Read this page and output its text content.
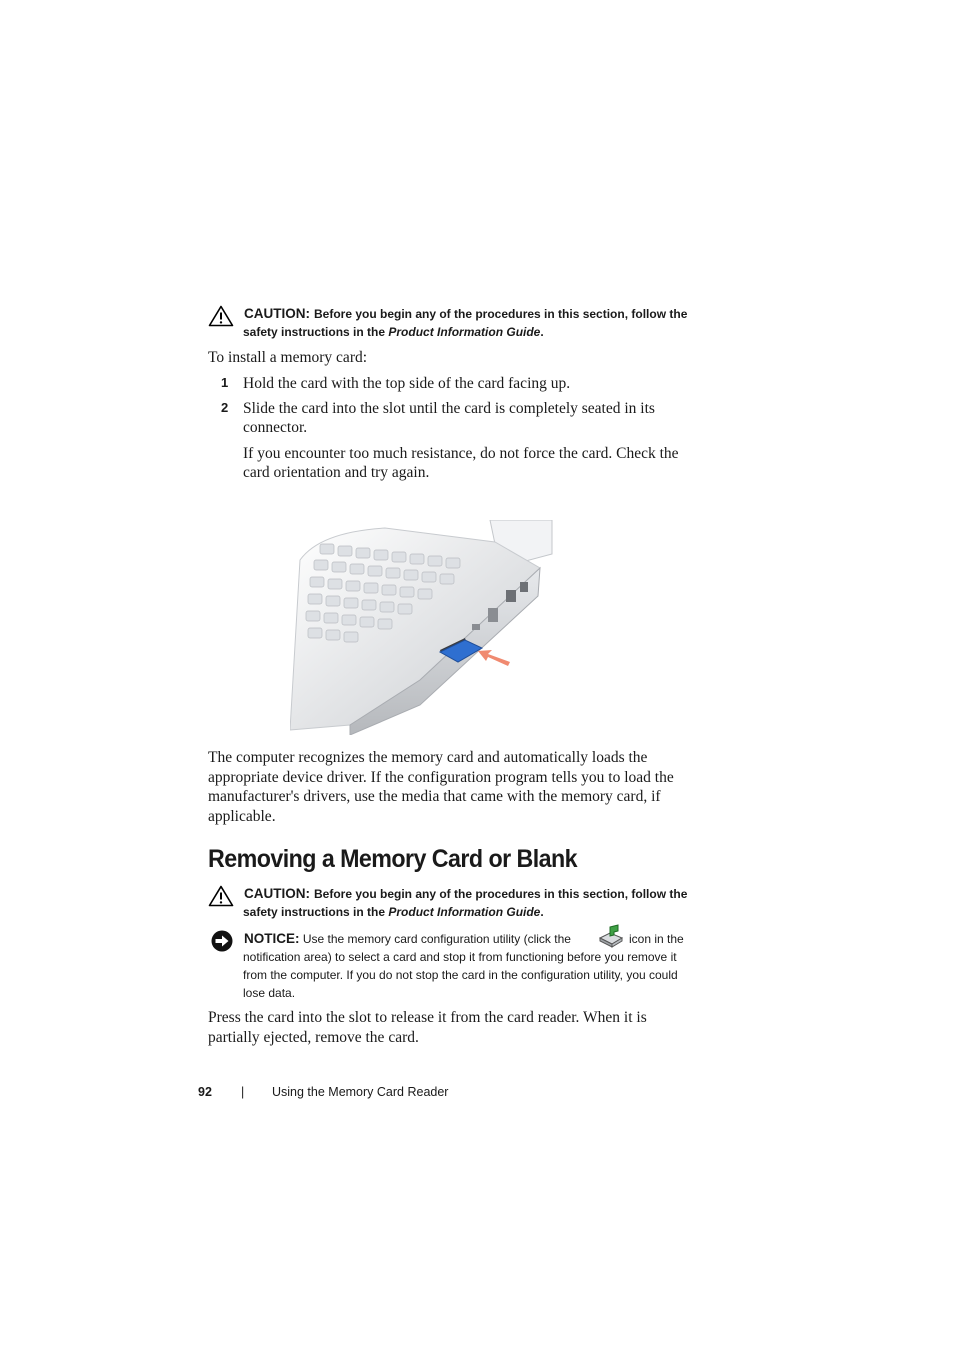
CAUTION: Before you begin any of the procedures in this section, follow the
safety instructions in the Product Information Guide.
To install a memory card:
1 Hold the card with the top side of the card facing up.
2 Slide the card into the slot until the card is completely seated in its
connector.
If you encounter too much resistance, do not force the card. Check the
card orientation and try again.
The computer recognizes the memory card and automatically loads the
appropriate device driver. If the configuration program tells you to load the
manufacturer's drivers, use the media that came with the memory card, if
applicable.
Removing a Memory Card or Blank
CAUTION: Before you begin any of the procedures in this section, follow the
safety instructions in the Product Information Guide.
NOTICE: Use the memory card configuration utility (click the	icon in the
notification area) to select a card and stop it from functioning before you remove it
from the computer. If you do not stop the card in the configuration utility, you could
lose data.
Press the card into the slot to release it from the card reader. When it is
partially ejected, remove the card.
92 | Using the Memory Card Reader
